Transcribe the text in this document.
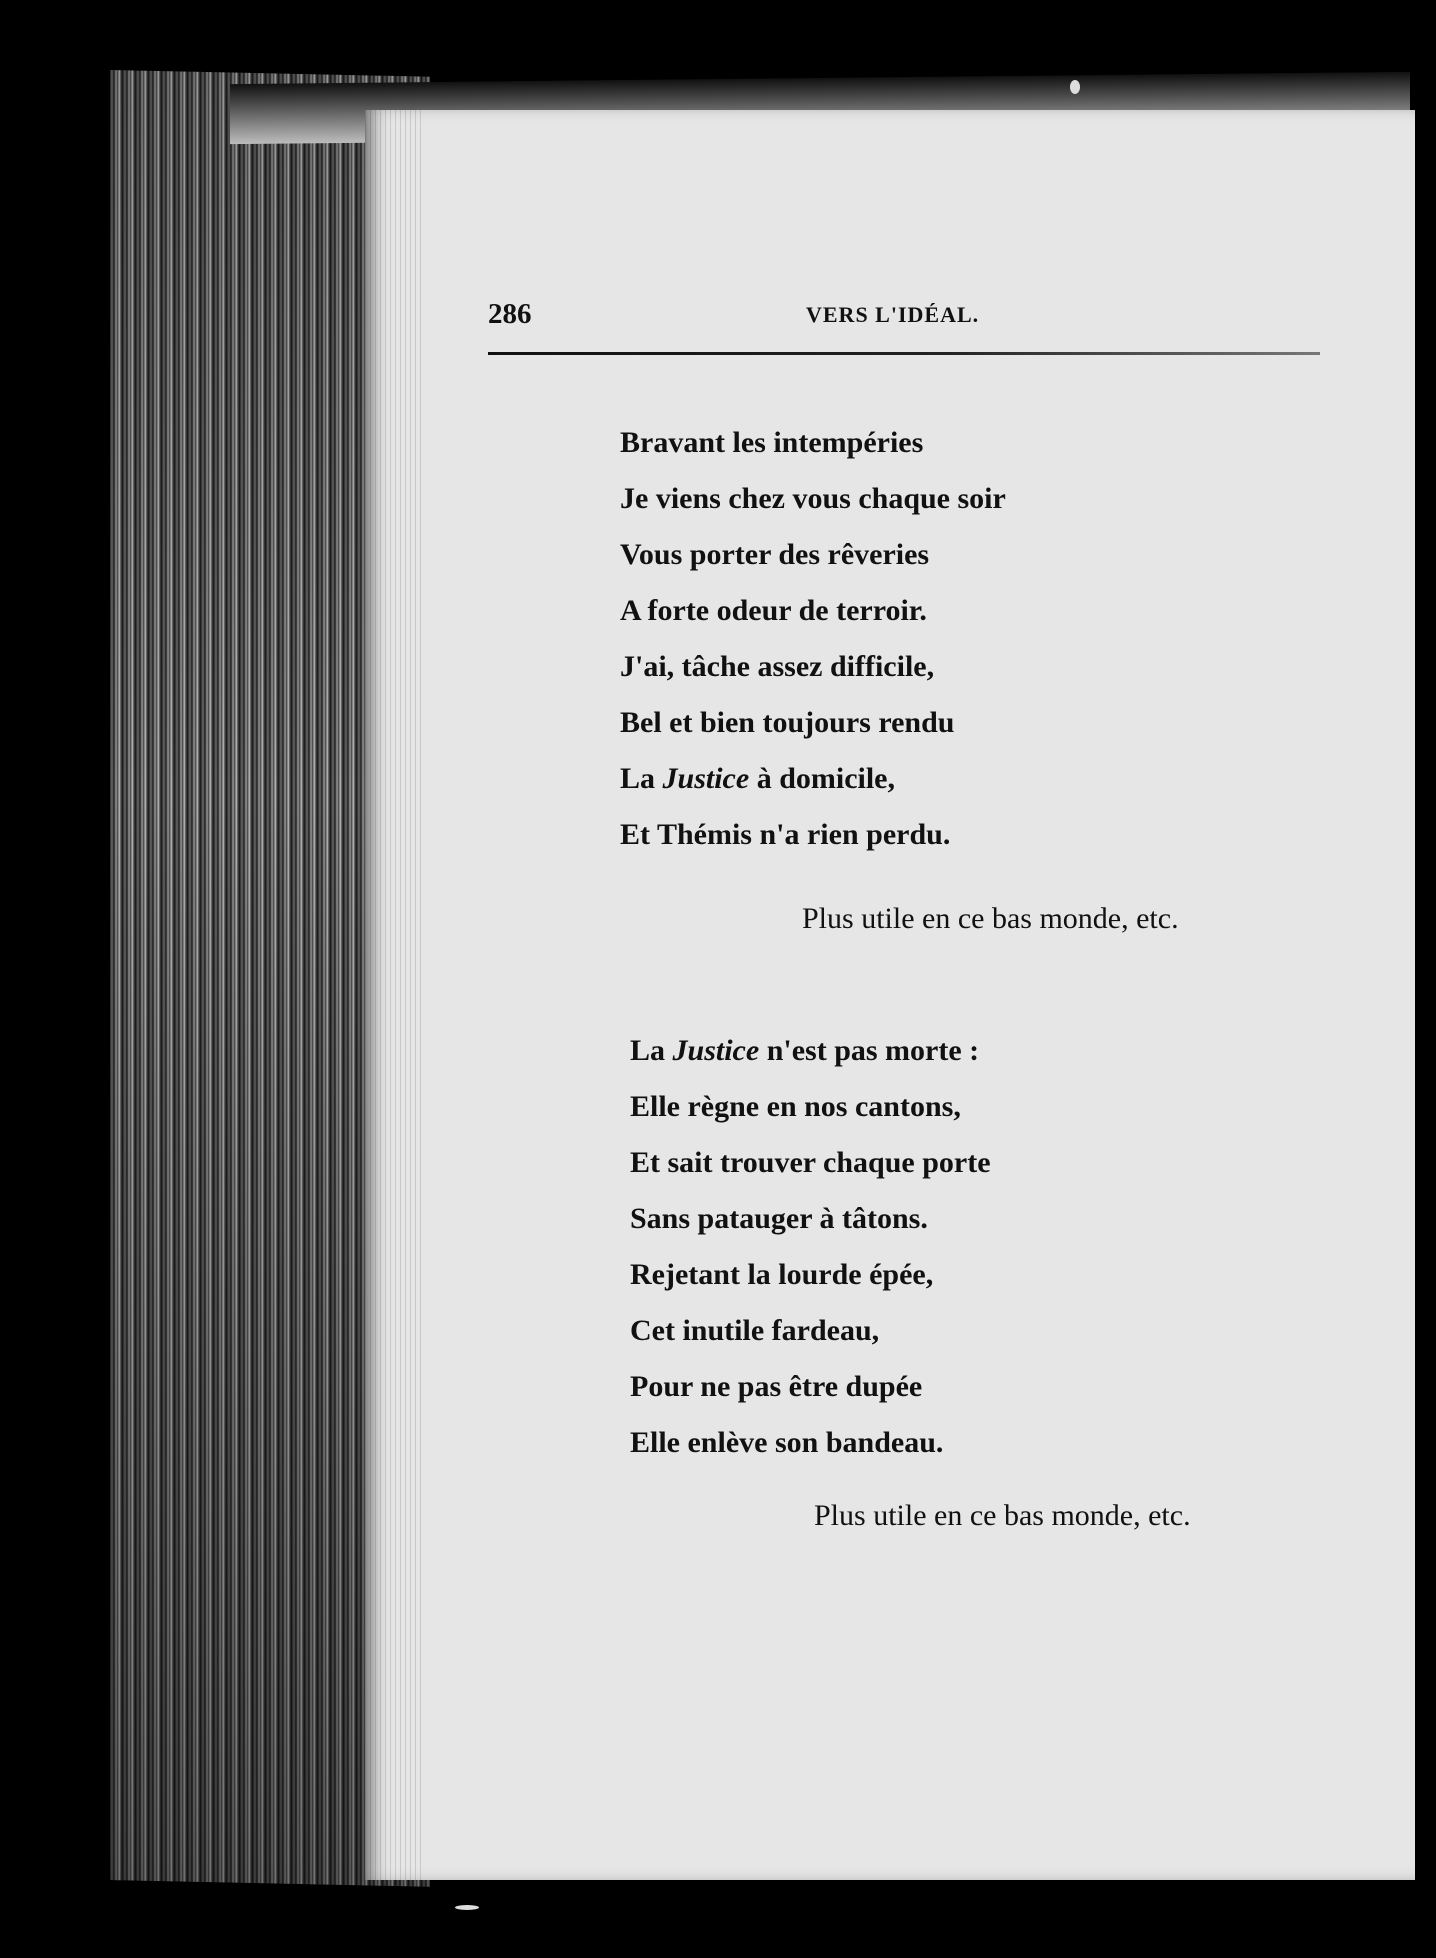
286	VERS L'IDÉAL.
Bravant les intempéries
Je viens chez vous chaque soir
Vous porter des rêveries
A forte odeur de terroir.
J'ai, tâche assez difficile,
Bel et bien toujours rendu
La Justice à domicile,
Et Thémis n'a rien perdu.
Plus utile en ce bas monde, etc.
La Justice n'est pas morte :
Elle règne en nos cantons,
Et sait trouver chaque porte
Sans patauger à tâtons.
Rejetant la lourde épée,
Cet inutile fardeau,
Pour ne pas être dupée
Elle enlève son bandeau.
Plus utile en ce bas monde, etc.
